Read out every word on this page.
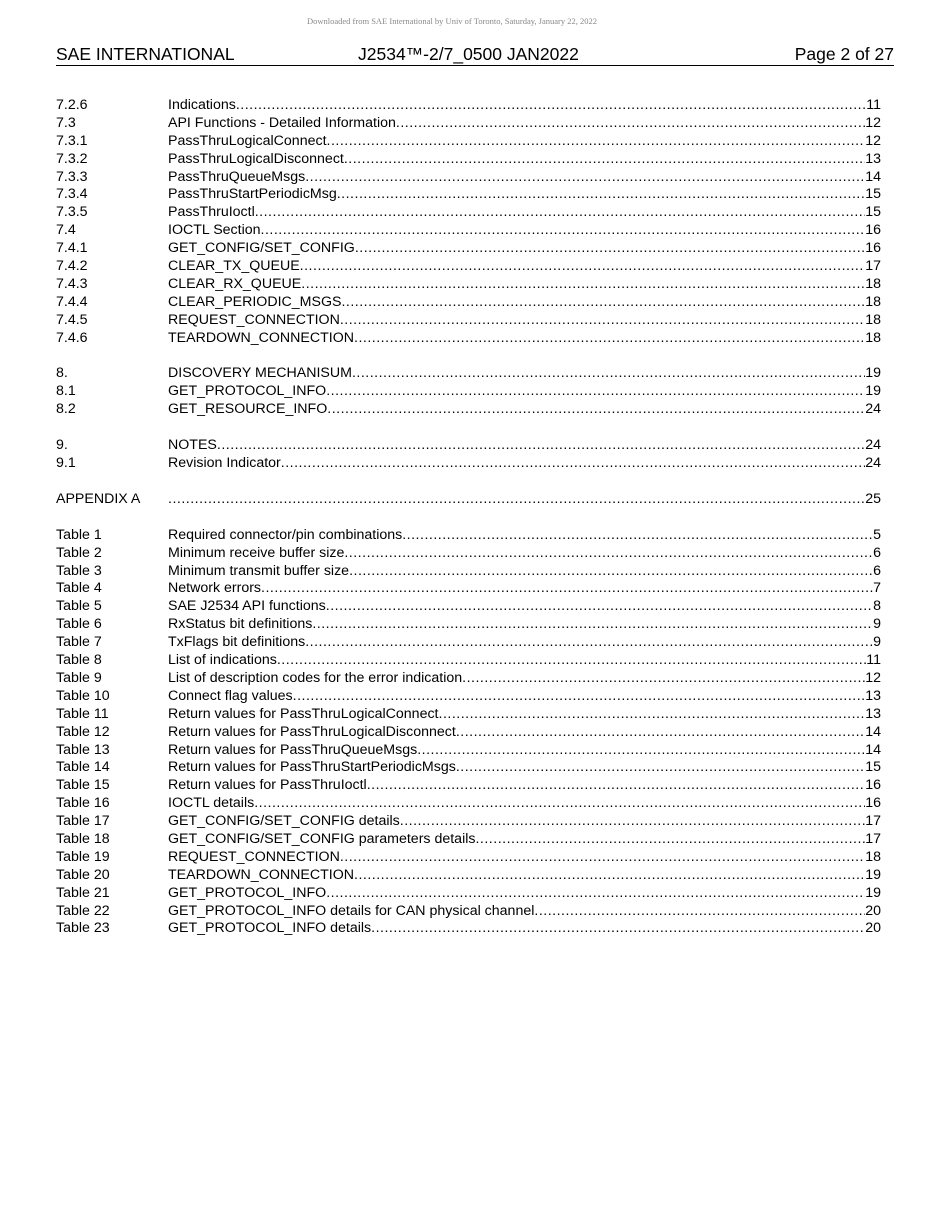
Downloaded from SAE International by Univ of Toronto, Saturday, January 22, 2022
SAE INTERNATIONAL	J2534™-2/7_0500 JAN2022	Page 2 of 27
7.2.6	Indications .....	11
7.3	API Functions - Detailed Information .....	12
7.3.1	PassThruLogicalConnect .....	12
7.3.2	PassThruLogicalDisconnect .....	13
7.3.3	PassThruQueueMsgs .....	14
7.3.4	PassThruStartPeriodicMsg .....	15
7.3.5	PassThruIoctl .....	15
7.4	IOCTL Section .....	16
7.4.1	GET_CONFIG/SET_CONFIG .....	16
7.4.2	CLEAR_TX_QUEUE .....	17
7.4.3	CLEAR_RX_QUEUE .....	18
7.4.4	CLEAR_PERIODIC_MSGS .....	18
7.4.5	REQUEST_CONNECTION .....	18
7.4.6	TEARDOWN_CONNECTION .....	18
8.	DISCOVERY MECHANISUM .....	19
8.1	GET_PROTOCOL_INFO .....	19
8.2	GET_RESOURCE_INFO .....	24
9.	NOTES .....	24
9.1	Revision Indicator .....	24
APPENDIX A .....	25
Table 1	Required connector/pin combinations .....	5
Table 2	Minimum receive buffer size .....	6
Table 3	Minimum transmit buffer size .....	6
Table 4	Network errors .....	7
Table 5	SAE J2534 API functions .....	8
Table 6	RxStatus bit definitions .....	9
Table 7	TxFlags bit definitions .....	9
Table 8	List of indications .....	11
Table 9	List of description codes for the error indication .....	12
Table 10	Connect flag values .....	13
Table 11	Return values for PassThruLogicalConnect .....	13
Table 12	Return values for PassThruLogicalDisconnect .....	14
Table 13	Return values for PassThruQueueMsgs .....	14
Table 14	Return values for PassThruStartPeriodicMsgs .....	15
Table 15	Return values for PassThruIoctl .....	16
Table 16	IOCTL details .....	16
Table 17	GET_CONFIG/SET_CONFIG details .....	17
Table 18	GET_CONFIG/SET_CONFIG parameters details .....	17
Table 19	REQUEST_CONNECTION .....	18
Table 20	TEARDOWN_CONNECTION .....	19
Table 21	GET_PROTOCOL_INFO .....	19
Table 22	GET_PROTOCOL_INFO details for CAN physical channel .....	20
Table 23	GET_PROTOCOL_INFO details .....	20
